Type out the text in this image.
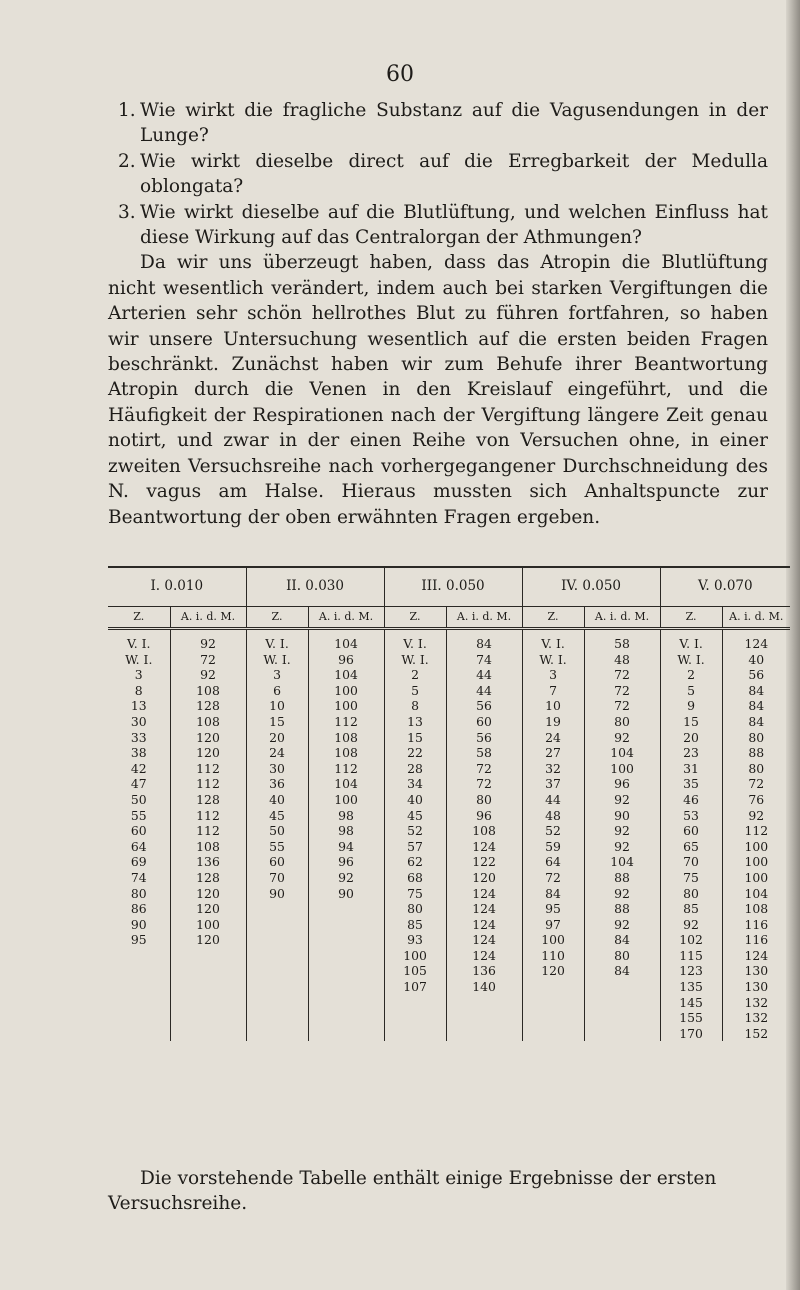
60
1. Wie wirkt die fragliche Substanz auf die Vagusendungen in der Lunge?
2. Wie wirkt dieselbe direct auf die Erregbarkeit der Medulla oblongata?
3. Wie wirkt dieselbe auf die Blutlüftung, und welchen Einfluss hat diese Wirkung auf das Centralorgan der Athmungen?
Da wir uns überzeugt haben, dass das Atropin die Blutlüftung nicht wesentlich verändert, indem auch bei starken Vergiftungen die Arterien sehr schön hellrothes Blut zu führen fortfahren, so haben wir unsere Untersuchung wesentlich auf die ersten beiden Fragen beschränkt. Zunächst haben wir zum Behufe ihrer Beantwortung Atropin durch die Venen in den Kreislauf eingeführt, und die Häufigkeit der Respirationen nach der Vergiftung längere Zeit genau notirt, und zwar in der einen Reihe von Versuchen ohne, in einer zweiten Versuchsreihe nach vorhergegangener Durchschneidung des N. vagus am Halse. Hieraus mussten sich Anhaltspuncte zur Beantwortung der oben erwähnten Fragen ergeben.
I. 0.010		II. 0.030		III. 0.050		IV. 0.050		V. 0.070	
Z.	A. i. d. M.	Z.	A. i. d. M.	Z.	A. i. d. M.	Z.	A. i. d. M.	Z.	A. i. d. M.
V. I.	92	V. I.	104	V. I.	84	V. I.	58	V. I.	124
W. I.	72	W. I.	96	W. I.	74	W. I.	48	W. I.	40
3	92	3	104	2	44	3	72	2	56
8	108	6	100	5	44	7	72	5	84
13	128	10	100	8	56	10	72	9	84
30	108	15	112	13	60	19	80	15	84
33	120	20	108	15	56	24	92	20	80
38	120	24	108	22	58	27	104	23	88
42	112	30	112	28	72	32	100	31	80
47	112	36	104	34	72	37	96	35	72
50	128	40	100	40	80	44	92	46	76
55	112	45	98	45	96	48	90	53	92
60	112	50	98	52	108	52	92	60	112
64	108	55	94	57	124	59	92	65	100
69	136	60	96	62	122	64	104	70	100
74	128	70	92	68	120	72	88	75	100
80	120	90	90	75	124	84	92	80	104
86	120			80	124	95	88	85	108
90	100			85	124	97	92	92	116
95	120			93	124	100	84	102	116
				100	124	110	80	115	124
				105	136	120	84	123	130
				107	140			135	130
								145	132
								155	132
								170	152
Die vorstehende Tabelle enthält einige Ergebnisse der ersten Versuchsreihe.
